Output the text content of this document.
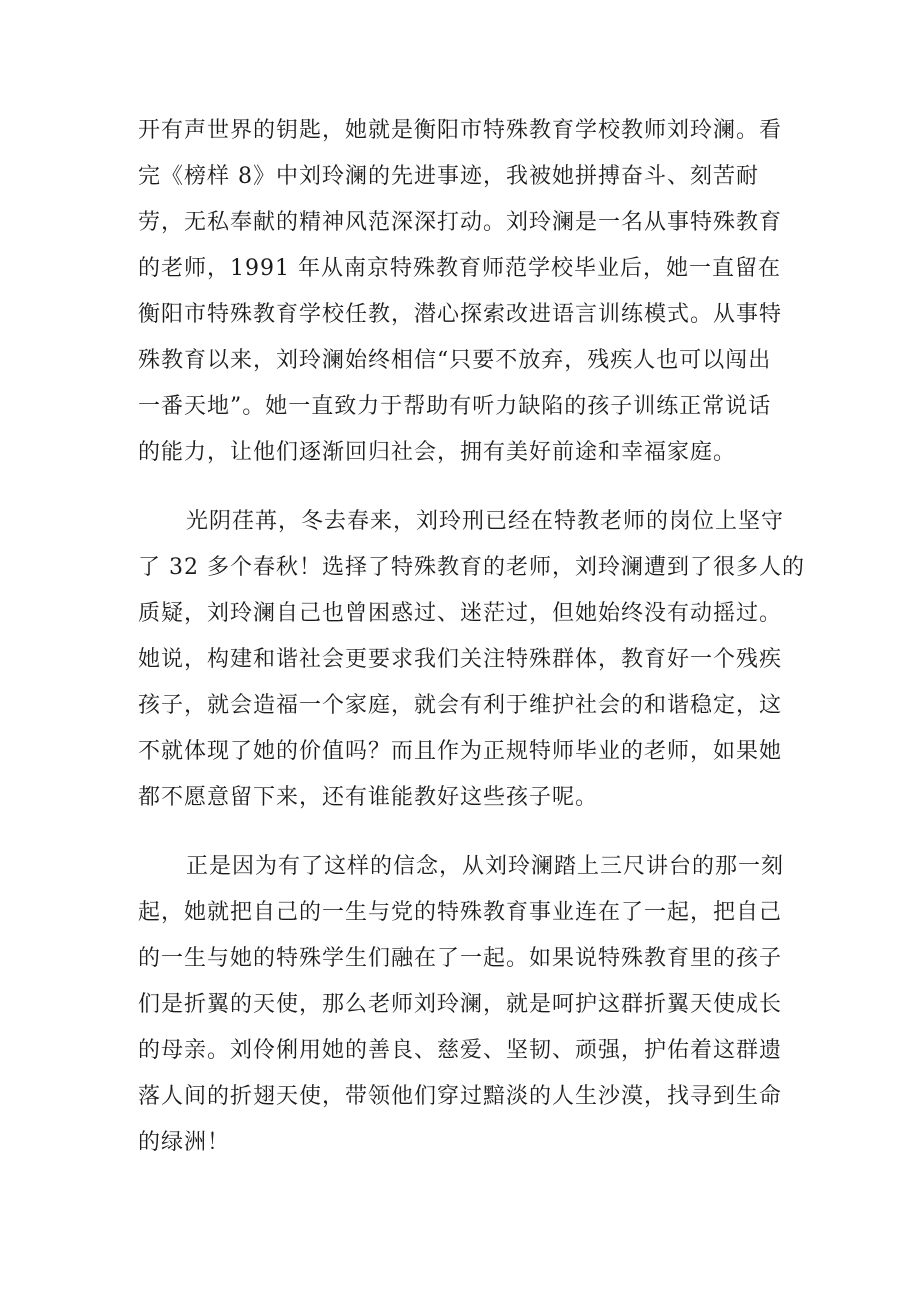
开有声世界的钥匙，她就是衡阳市特殊教育学校教师刘玲澜。看
完《榜样 8》中刘玲澜的先进事迹，我被她拼搏奋斗、刻苦耐
劳，无私奉献的精神风范深深打动。刘玲澜是一名从事特殊教育
的老师，1991 年从南京特殊教育师范学校毕业后，她一直留在
衡阳市特殊教育学校任教，潜心探索改进语言训练模式。从事特
殊教育以来，刘玲澜始终相信“只要不放弃，残疾人也可以闯出
一番天地”。她一直致力于帮助有听力缺陷的孩子训练正常说话
的能力，让他们逐渐回归社会，拥有美好前途和幸福家庭。
光阴荏苒，冬去春来，刘玲刑已经在特教老师的岗位上坚守
了 32 多个春秋！选择了特殊教育的老师，刘玲澜遭到了很多人的
质疑，刘玲澜自己也曾困惑过、迷茫过，但她始终没有动摇过。
她说，构建和谐社会更要求我们关注特殊群体，教育好一个残疾
孩子，就会造福一个家庭，就会有利于维护社会的和谐稳定，这
不就体现了她的价值吗？而且作为正规特师毕业的老师，如果她
都不愿意留下来，还有谁能教好这些孩子呢。
正是因为有了这样的信念，从刘玲澜踏上三尺讲台的那一刻
起，她就把自己的一生与党的特殊教育事业连在了一起，把自己
的一生与她的特殊学生们融在了一起。如果说特殊教育里的孩子
们是折翼的天使，那么老师刘玲澜，就是呵护这群折翼天使成长
的母亲。刘伶俐用她的善良、慈爱、坚韧、顽强，护佑着这群遗
落人间的折翅天使，带领他们穿过黯淡的人生沙漠，找寻到生命
的绿洲！
